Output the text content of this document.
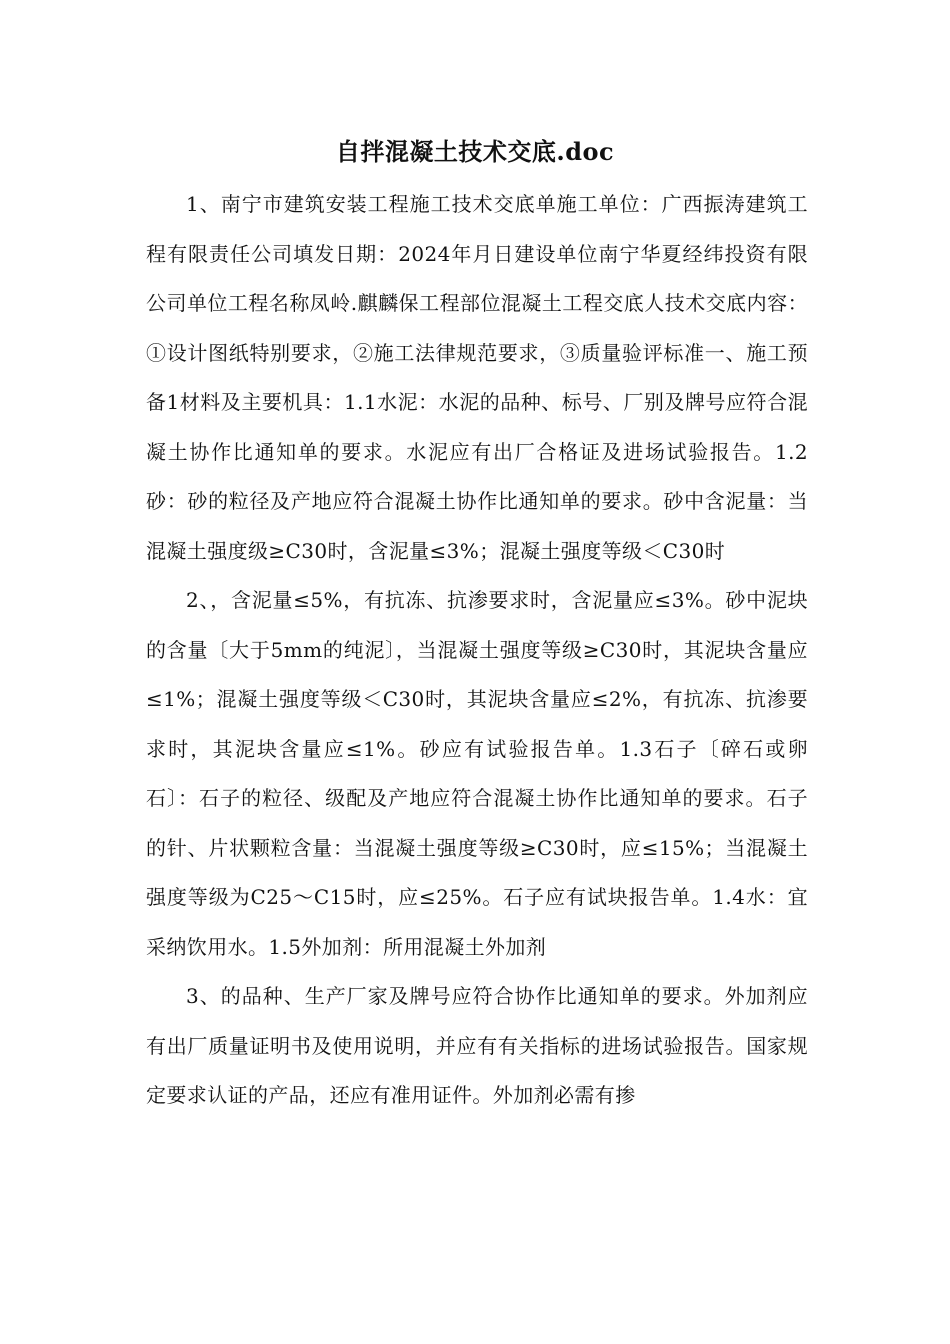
自拌混凝土技术交底.doc

1、南宁市建筑安装工程施工技术交底单施工单位：广西振涛建筑工程有限责任公司填发日期：2024年月日建设单位南宁华夏经纬投资有限公司单位工程名称凤岭.麒麟保工程部位混凝土工程交底人技术交底内容：①设计图纸特别要求，②施工法律规范要求，③质量验评标准一、施工预备1材料及主要机具：1.1水泥：水泥的品种、标号、厂别及牌号应符合混凝土协作比通知单的要求。水泥应有出厂合格证及进场试验报告。1.2砂：砂的粒径及产地应符合混凝土协作比通知单的要求。砂中含泥量：当混凝土强度级≥C30时，含泥量≤3%；混凝土强度等级＜C30时

2、，含泥量≤5%，有抗冻、抗渗要求时，含泥量应≤3%。砂中泥块的含量〔大于5mm的纯泥〕，当混凝土强度等级≥C30时，其泥块含量应≤1%；混凝土强度等级＜C30时，其泥块含量应≤2%，有抗冻、抗渗要求时，其泥块含量应≤1%。砂应有试验报告单。1.3石子〔碎石或卵石〕：石子的粒径、级配及产地应符合混凝土协作比通知单的要求。石子的针、片状颗粒含量：当混凝土强度等级≥C30时，应≤15%；当混凝土强度等级为C25～C15时，应≤25%。石子应有试块报告单。1.4水：宜采纳饮用水。1.5外加剂：所用混凝土外加剂

3、的品种、生产厂家及牌号应符合协作比通知单的要求。外加剂应有出厂质量证明书及使用说明，并应有有关指标的进场试验报告。国家规定要求认证的产品，还应有准用证件。外加剂必需有掺
